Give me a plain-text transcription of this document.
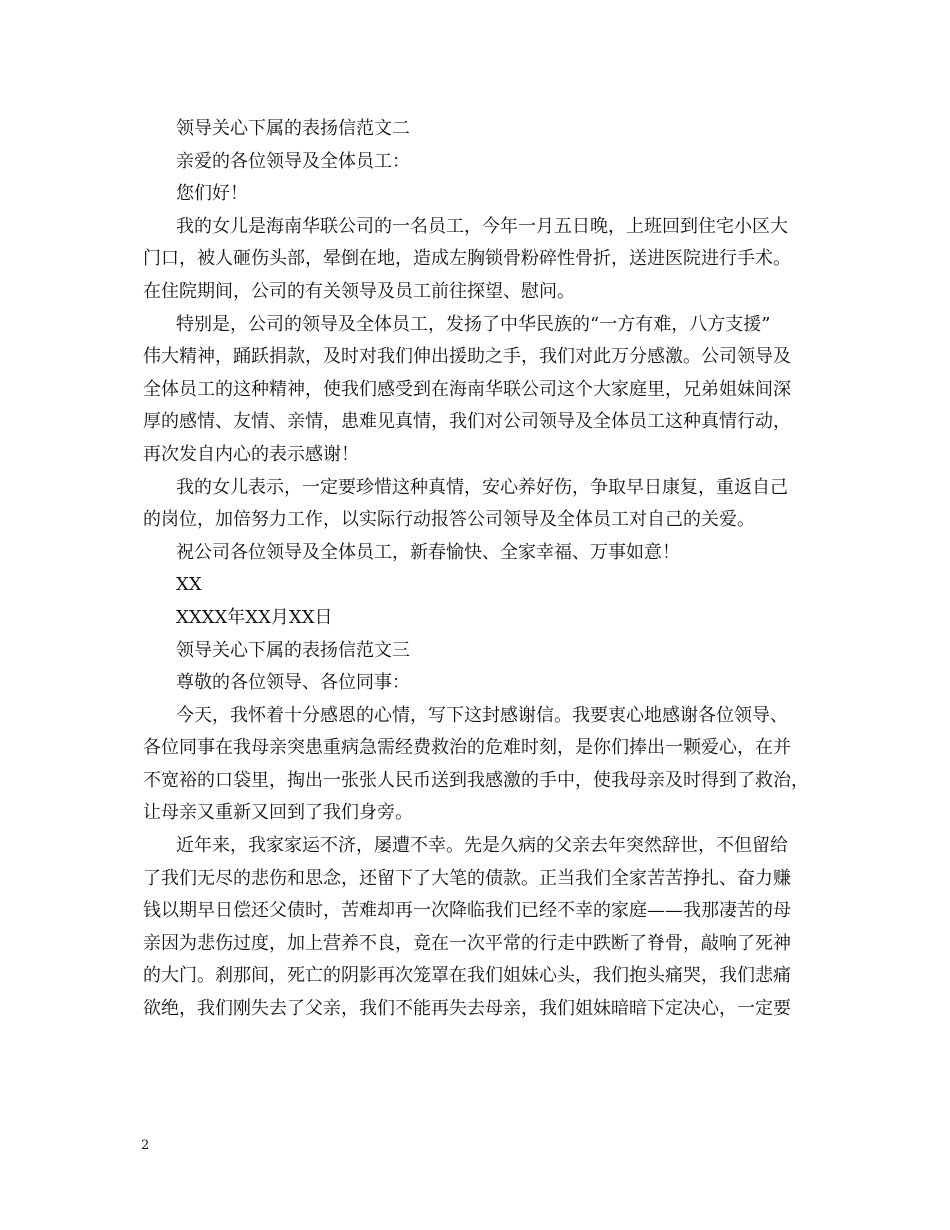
领导关心下属的表扬信范文二

亲爱的各位领导及全体员工：

您们好！

我的女儿是海南华联公司的一名员工，今年一月五日晚，上班回到住宅小区大

门口，被人砸伤头部，晕倒在地，造成左胸锁骨粉碎性骨折，送进医院进行手术。

在住院期间，公司的有关领导及员工前往探望、慰问。

特别是，公司的领导及全体员工，发扬了中华民族的“一方有难，八方支援”

伟大精神，踊跃捐款，及时对我们伸出援助之手，我们对此万分感激。公司领导及

全体员工的这种精神，使我们感受到在海南华联公司这个大家庭里，兄弟姐妹间深

厚的感情、友情、亲情，患难见真情，我们对公司领导及全体员工这种真情行动，

再次发自内心的表示感谢！

我的女儿表示，一定要珍惜这种真情，安心养好伤，争取早日康复，重返自己

的岗位，加倍努力工作，以实际行动报答公司领导及全体员工对自己的关爱。

祝公司各位领导及全体员工，新春愉快、全家幸福、万事如意！

XX

XXXX年XX月XX日

领导关心下属的表扬信范文三

尊敬的各位领导、各位同事：

今天，我怀着十分感恩的心情，写下这封感谢信。我要衷心地感谢各位领导、

各位同事在我母亲突患重病急需经费救治的危难时刻，是你们捧出一颗爱心，在并

不宽裕的口袋里，掏出一张张人民币送到我感激的手中，使我母亲及时得到了救治，

让母亲又重新又回到了我们身旁。

近年来，我家家运不济，屡遭不幸。先是久病的父亲去年突然辞世，不但留给

了我们无尽的悲伤和思念，还留下了大笔的债款。正当我们全家苦苦挣扎、奋力赚

钱以期早日偿还父债时，苦难却再一次降临我们已经不幸的家庭——我那凄苦的母

亲因为悲伤过度，加上营养不良，竟在一次平常的行走中跌断了脊骨，敲响了死神

的大门。刹那间，死亡的阴影再次笼罩在我们姐妹心头，我们抱头痛哭，我们悲痛

欲绝，我们刚失去了父亲，我们不能再失去母亲，我们姐妹暗暗下定决心，一定要

2
